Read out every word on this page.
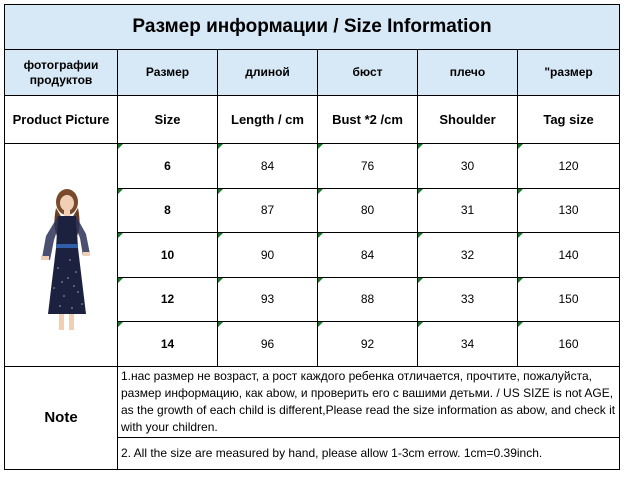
Размер информации / Size Information					
фотографии продуктов	Размер	длиной	бюст	плечо	"размер
Product Picture	Size	Length / cm	Bust *2 /cm	Shoulder	Tag size

	6	84	76	30	120
	8	87	80	31	130
	10	90	84	32	140
	12	93	88	33	150
	14	96	92	34	160
Note	1.нас размер не возраст, а рост каждого ребенка отличается, прочтите, пожалуйста, размер информацию, как abow, и проверить его с вашими детьми. / US SIZE is not AGE, as the growth of each child is different,Please read the size information as abow, and check it with your children.				
	2. All the size are measured by hand, please allow 1-3cm errow. 1cm=0.39inch.				
